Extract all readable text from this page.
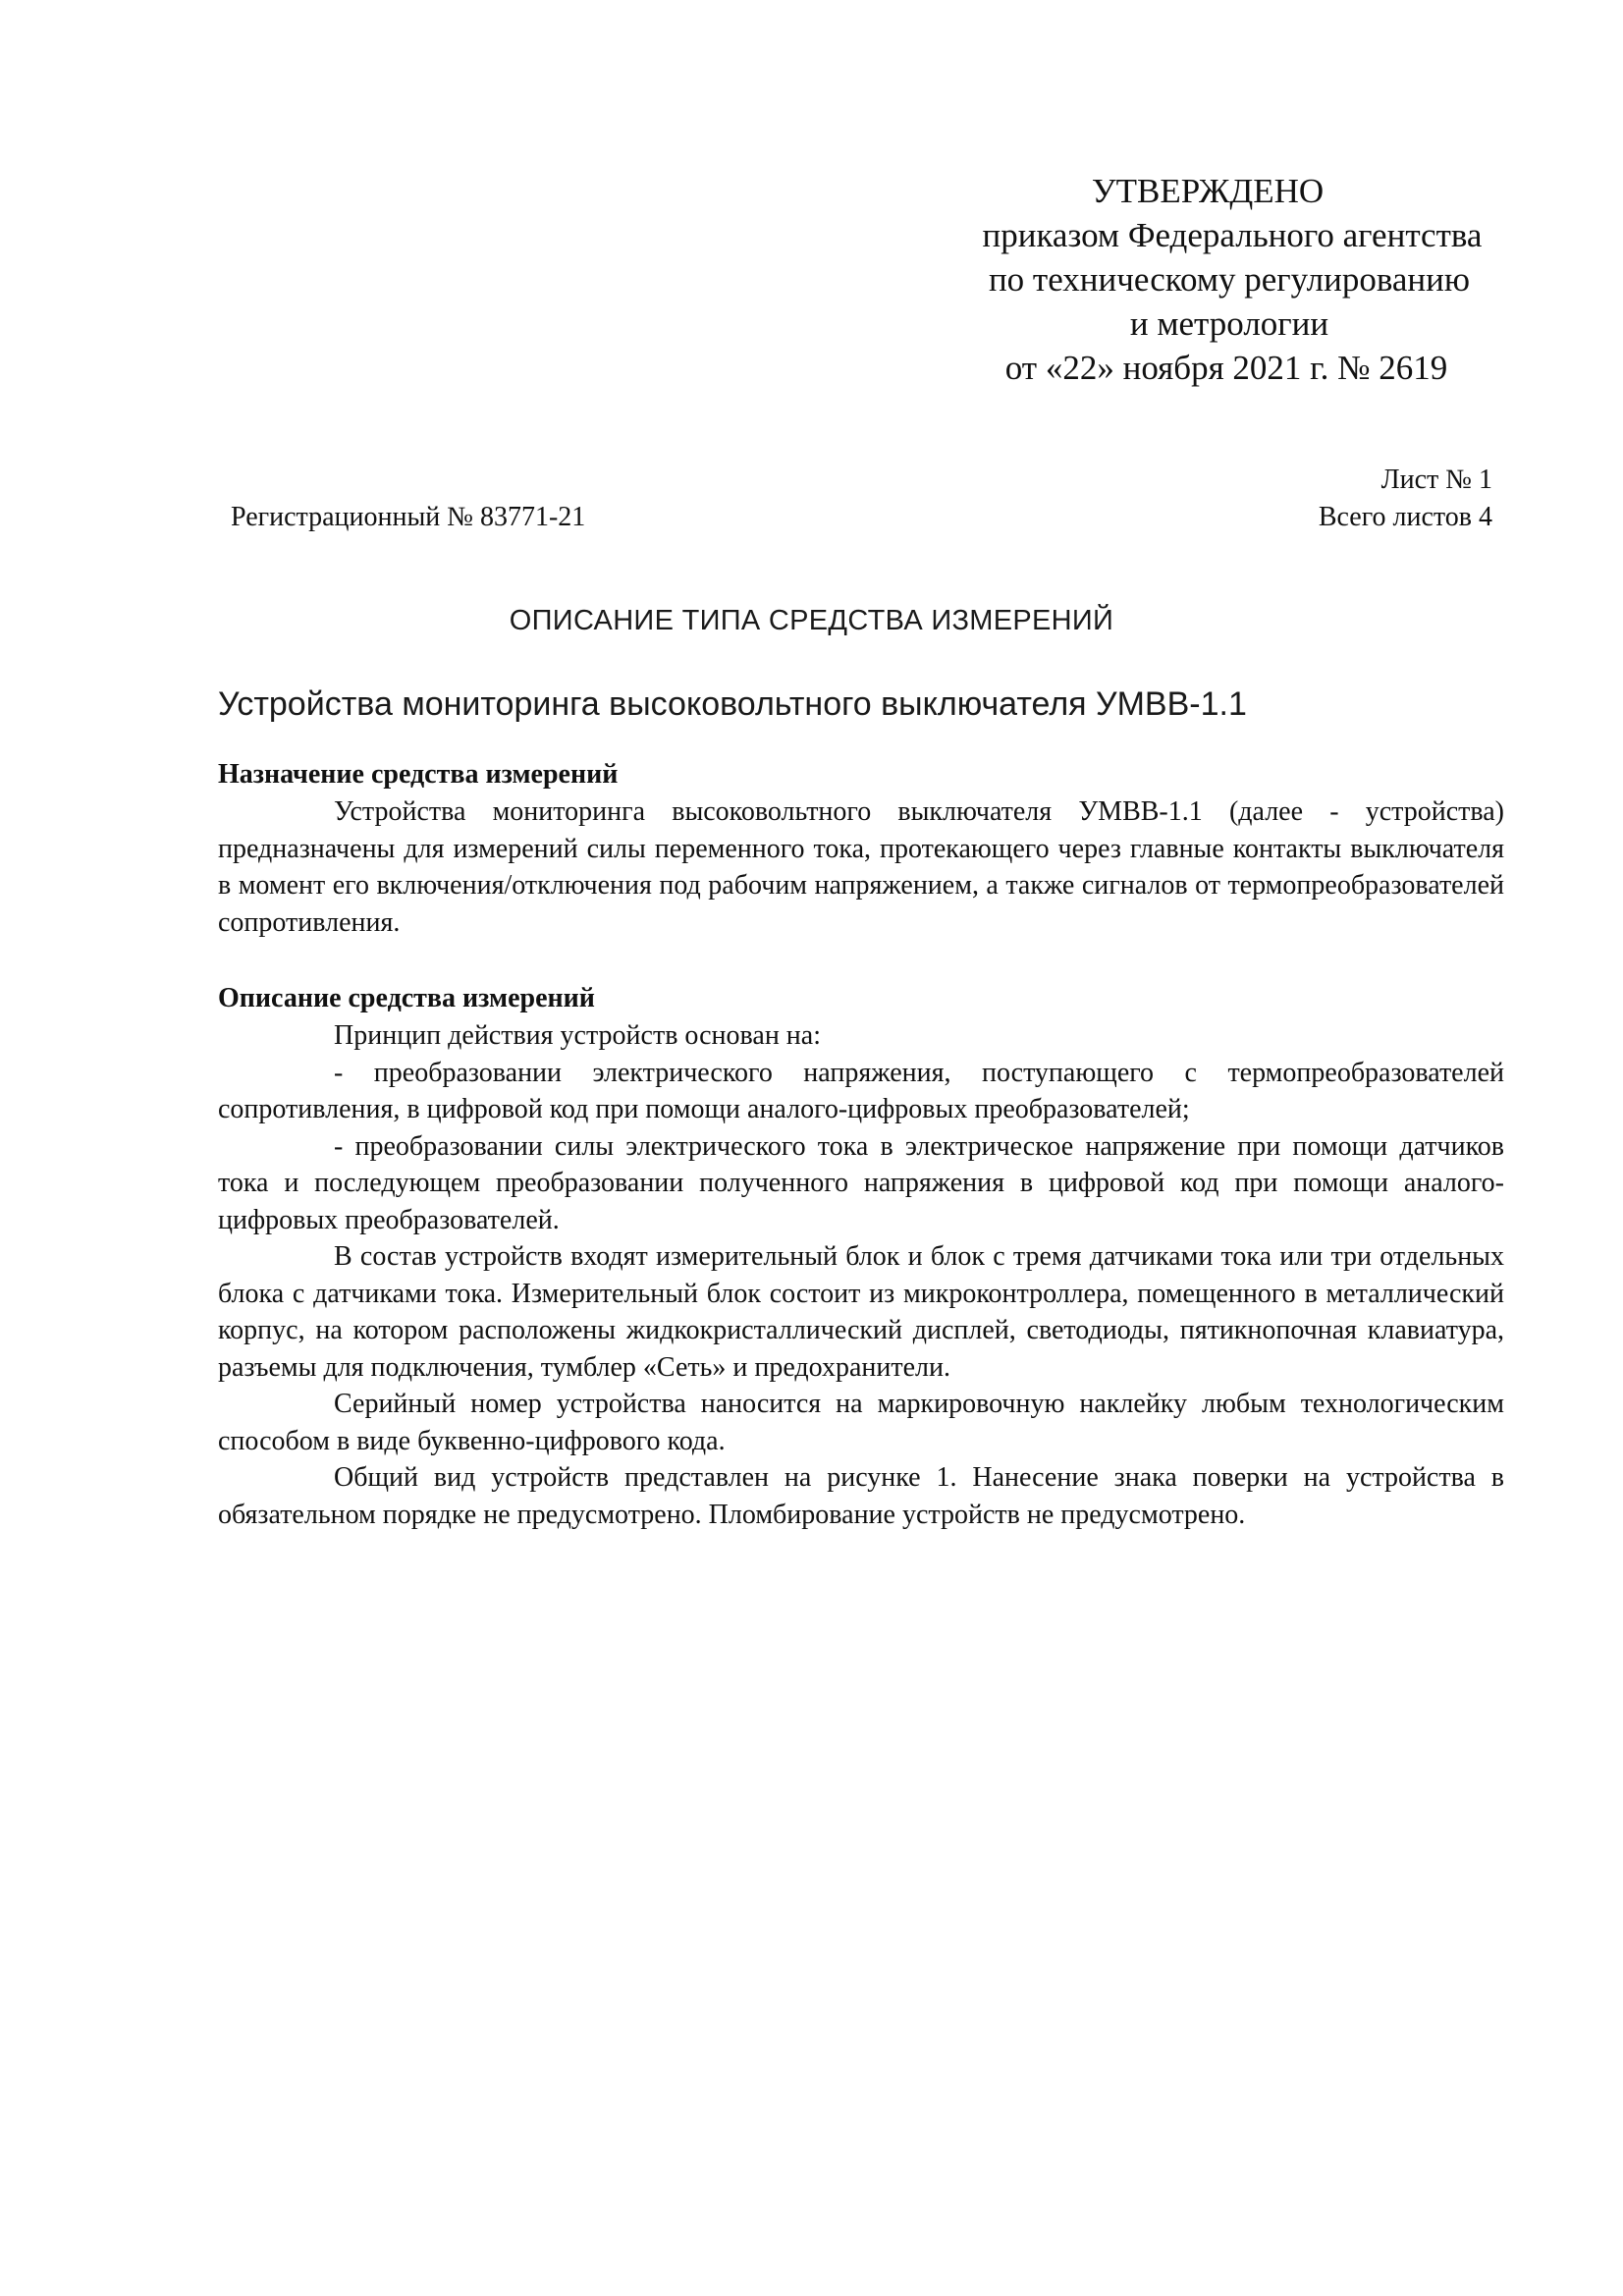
УТВЕРЖДЕНО
приказом Федерального агентства
по техническому регулированию
и метрологии
от «22» ноября 2021 г. № 2619
Лист № 1
Всего листов 4
Регистрационный № 83771-21
ОПИСАНИЕ ТИПА СРЕДСТВА ИЗМЕРЕНИЙ
Устройства мониторинга высоковольтного выключателя УМВВ-1.1
Назначение средства измерений

Устройства мониторинга высоковольтного выключателя УМВВ-1.1 (далее - устройства) предназначены для измерений силы переменного тока, протекающего через главные контакты выключателя в момент его включения/отключения под рабочим напряжением, а также сигналов от термопреобразователей сопротивления.

Описание средства измерений

Принцип действия устройств основан на:

- преобразовании электрического напряжения, поступающего с термопреобразователей сопротивления, в цифровой код при помощи аналого-цифровых преобразователей;

- преобразовании силы электрического тока в электрическое напряжение при помощи датчиков тока и последующем преобразовании полученного напряжения в цифровой код при помощи аналого-цифровых преобразователей.

В состав устройств входят измерительный блок и блок с тремя датчиками тока или три отдельных блока с датчиками тока. Измерительный блок состоит из микроконтроллера, помещенного в металлический корпус, на котором расположены жидкокристаллический дисплей, светодиоды, пятикнопочная клавиатура, разъемы для подключения, тумблер «Сеть» и предохранители.

Серийный номер устройства наносится на маркировочную наклейку любым технологическим способом в виде буквенно-цифрового кода.

Общий вид устройств представлен на рисунке 1. Нанесение знака поверки на устройства в обязательном порядке не предусмотрено. Пломбирование устройств не предусмотрено.
